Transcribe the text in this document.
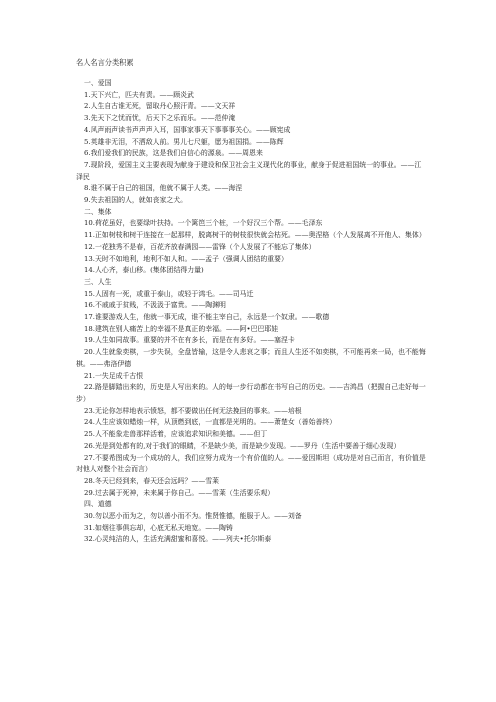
名人名言分类积累

一、爱国

1.天下兴亡，匹夫有责。——顾炎武

2.人生自古谁无死，留取丹心照汗青。——文天祥

3.先天下之忧而忧，后天下之乐而乐。——范仲淹

4.风声雨声读书声声声入耳，国事家事天下事事事关心。——顾宪成

5.英雄非无泪，不洒敌人前。男儿七尺躯，愿为祖国捐。——陈辉

6.我们爱我们的民族，这是我们自信心的源泉。——周恩来

7.现阶段，爱国主义主要表现为献身于建设和保卫社会主义现代化的事业，献身于促进祖国统一的事业。——江泽民

8.谁不属于自己的祖国，他就不属于人类。——海涅

9.失去祖国的人，就如丧家之犬。

二、集体

10.荷花虽好，也要绿叶扶持。一个篱笆三个桩，一个好汉三个帮。——毛泽东

11.正如树枝和树干连接在一起那样，脱离树干的树枝很快就会枯死。——奥涅格（个人发展离不开他人、集体）

12.一花独秀不是春，百花齐放春满园——雷锋（个人发展了不能忘了集体）

13.天时不如地利，地利不如人和。——孟子（强调人团结的重要）

14.人心齐，泰山移。(集体团结得力量)

三、人生

15.人固有一死，或重于泰山，或轻于鸿毛。——司马迁

16.不戚戚于贫贱，不汲汲于富贵。——陶渊明

17.谁要游戏人生，他就一事无成，谁不能主宰自己，永远是一个奴隶。——歌德

18.建筑在别人痛苦上的幸福不是真正的幸福。——阿•巴巴耶娃

19.人生如同故事。重要的并不在有多长，而是在有多好。——塞涅卡

20.人生就象奕棋，一步失误，全盘皆输，这是令人悲哀之事；而且人生还不如奕棋，不可能再来一局，也不能悔棋。——弗洛伊德

21.一失足成千古恨

22.路是脚踏出来的，历史是人写出来的。人的每一步行动都在书写自己的历史。——吉鸿昌（把握自己走好每一步）

23.无论你怎样地表示愤怒，都不要做出任何无法挽回的事来。——培根

24.人生应该如蜡烛一样，从顶燃到底，一直都是光明的。——萧楚女（善始善终）

25.人不能象走兽那样活着，应该追求知识和美德。——但丁

26.光是到处都有的,对于我们的眼睛，不是缺少美，而是缺少发现。——罗丹（生活中要善于细心发现）

27.不要希图成为一个成功的人，我们应努力成为一个有价值的人。——爱因斯坦（成功是对自己而言，有价值是对他人对整个社会而言）

28.冬天已经到来，春天还会远吗？——雪莱

29.过去属于死神，未来属于你自己。——雪莱（生活要乐观）

四、道德

30.勿以恶小而为之，勿以善小而不为。惟贤惟德，能服于人。——刘备

31.如烟往事俱忘却，心底无私天地宽。——陶铸

32.心灵纯洁的人，生活充满甜蜜和喜悦。——列夫•托尔斯泰
